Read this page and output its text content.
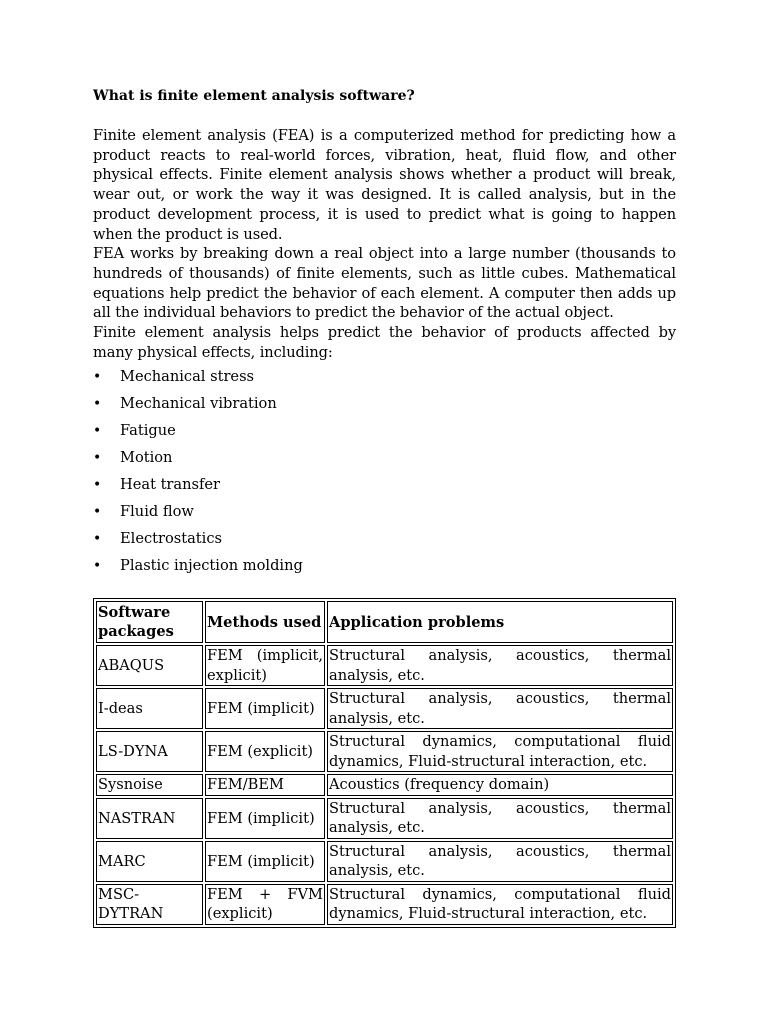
What is finite element analysis software?

Finite element analysis (FEA) is a computerized method for predicting how a product reacts to real-world forces, vibration, heat, fluid flow, and other physical effects. Finite element analysis shows whether a product will break, wear out, or work the way it was designed. It is called analysis, but in the product development process, it is used to predict what is going to happen when the product is used.

FEA works by breaking down a real object into a large number (thousands to hundreds of thousands) of finite elements, such as little cubes. Mathematical equations help predict the behavior of each element. A computer then adds up all the individual behaviors to predict the behavior of the actual object.

Finite element analysis helps predict the behavior of products affected by many physical effects, including:

• Mechanical stress
• Mechanical vibration
• Fatigue
• Motion
• Heat transfer
• Fluid flow
• Electrostatics
• Plastic injection molding
Software packages	Methods used	Application problems
ABAQUS	FEM (implicit, explicit)	Structural analysis, acoustics, thermal analysis, etc.
I-deas	FEM (implicit)	Structural analysis, acoustics, thermal analysis, etc.
LS-DYNA	FEM (explicit)	Structural dynamics, computational fluid dynamics, Fluid-structural interaction, etc.
Sysnoise	FEM/BEM	Acoustics (frequency domain)
NASTRAN	FEM (implicit)	Structural analysis, acoustics, thermal analysis, etc.
MARC	FEM (implicit)	Structural analysis, acoustics, thermal analysis, etc.
MSC-DYTRAN	FEM + FVM (explicit)	Structural dynamics, computational fluid dynamics, Fluid-structural interaction, etc.
